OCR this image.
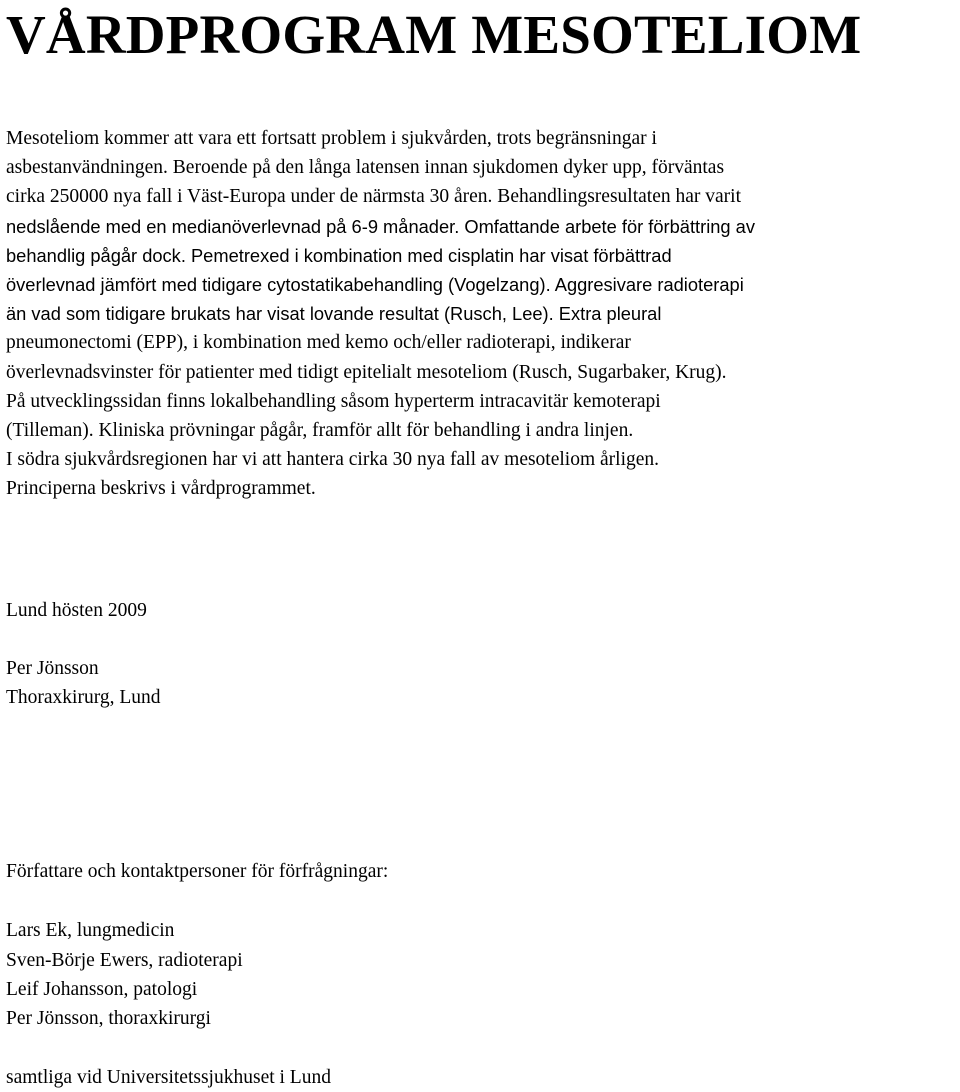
VÅRDPROGRAM MESOTELIOM

Mesoteliom kommer att vara ett fortsatt problem i sjukvården, trots begränsningar i
asbestanvändningen. Beroende på den långa latensen innan sjukdomen dyker upp, förväntas
cirka 250000 nya fall i Väst-Europa under de närmsta 30 åren. Behandlingsresultaten har varit
nedslående med en medianöverlevnad på 6-9 månader. Omfattande arbete för förbättring av
behandlig pågår dock. Pemetrexed i kombination med cisplatin har visat förbättrad
överlevnad jämfört med tidigare cytostatikabehandling (Vogelzang). Aggresivare radioterapi
än vad som tidigare brukats har visat lovande resultat (Rusch, Lee). Extra pleural
pneumonectomi (EPP), i kombination med kemo och/eller radioterapi, indikerar
överlevnadsvinster för patienter med tidigt epitelialt mesoteliom (Rusch, Sugarbaker, Krug).
På utvecklingssidan finns lokalbehandling såsom hyperterm intracavitär kemoterapi
(Tilleman). Kliniska prövningar pågår, framför allt för behandling i andra linjen.
I södra sjukvårdsregionen har vi att hantera cirka 30 nya fall av mesoteliom årligen.
Principerna beskrivs i vårdprogrammet.

Lund hösten 2009

Per Jönsson

Thoraxkirurg, Lund

Författare och kontaktpersoner för förfrågningar:

Lars Ek, lungmedicin

Sven-Börje Ewers, radioterapi

Leif Johansson, patologi

Per Jönsson, thoraxkirurgi

samtliga vid Universitetssjukhuset i Lund
